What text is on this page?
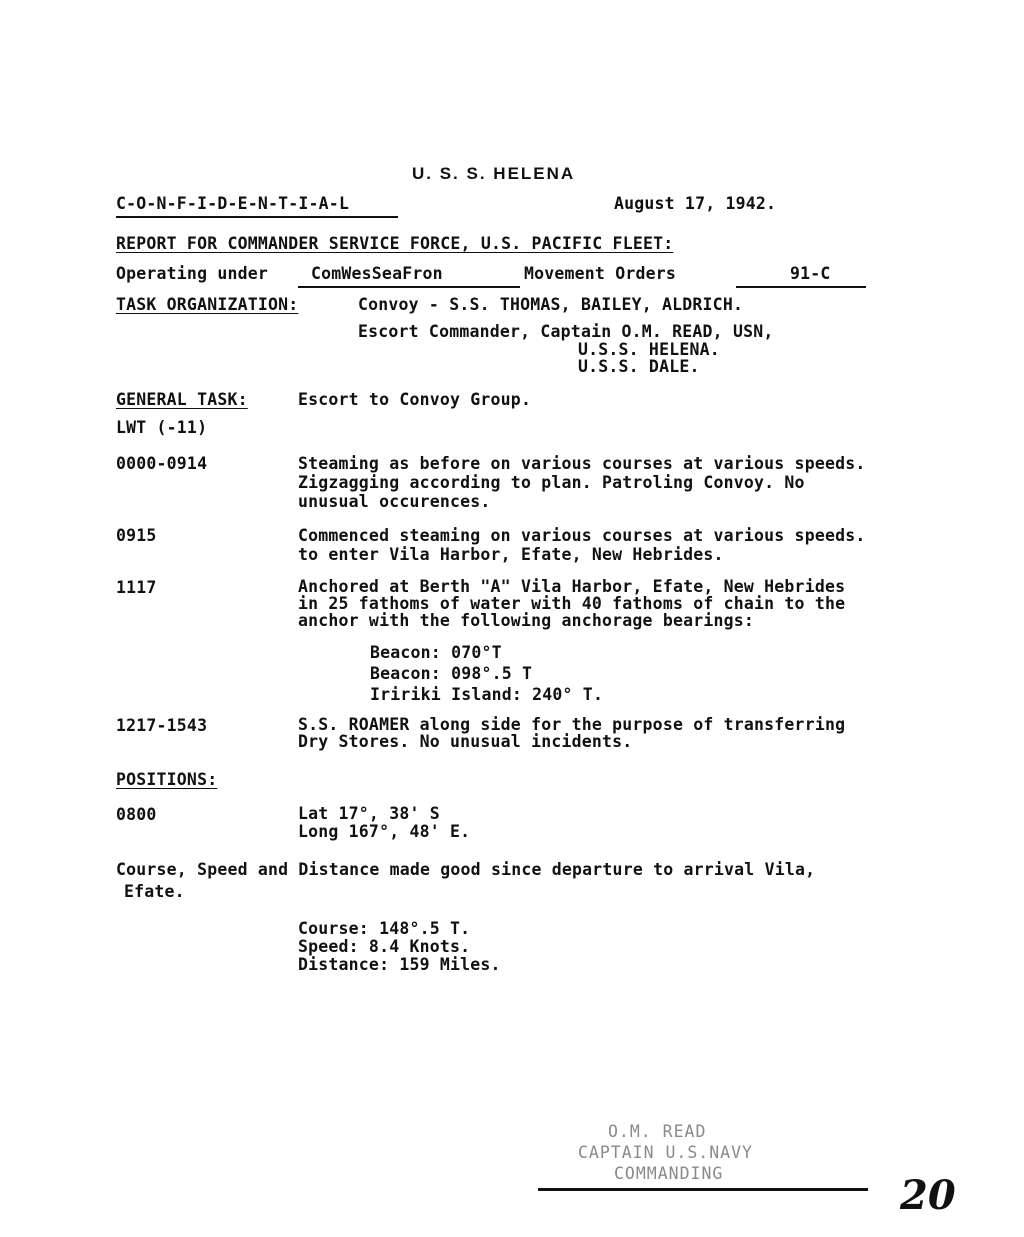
U. S. S. HELENA
C-O-N-F-I-D-E-N-T-I-A-L	August 17, 1942.
REPORT FOR COMMANDER SERVICE FORCE, U.S. PACIFIC FLEET:
Operating under	ComWesSeaFron	Movement Orders	91-C
TASK ORGANIZATION:	Convoy - S.S. THOMAS, BAILEY, ALDRICH.
Escort Commander, Captain O.M. READ, USN,
U.S.S. HELENA.
U.S.S. DALE.
GENERAL TASK:	Escort to Convoy Group.
LWT (-11)
0000-0914	Steaming as before on various courses at various speeds.

Zigzagging according to plan. Patroling Convoy. No

unusual occurences.

0915	Commenced steaming on various courses at various speeds.

to enter Vila Harbor, Efate, New Hebrides.

1117	Anchored at Berth "A" Vila Harbor, Efate, New Hebrides

in 25 fathoms of water with 40 fathoms of chain to the

anchor with the following anchorage bearings:

Beacon: 070°T

Beacon: 098°.5 T

Iririki Island: 240° T.

1217-1543	S.S. ROAMER along side for the purpose of transferring

Dry Stores. No unusual incidents.

POSITIONS:
0800	Lat 17°, 38' S

Long 167°, 48' E.

Course, Speed and Distance made good since departure to arrival Vila,
Efate.

Course: 148°.5 T.

Speed: 8.4 Knots.

Distance: 159 Miles.

O.M. READ
CAPTAIN U.S.NAVY
COMMANDING	20
